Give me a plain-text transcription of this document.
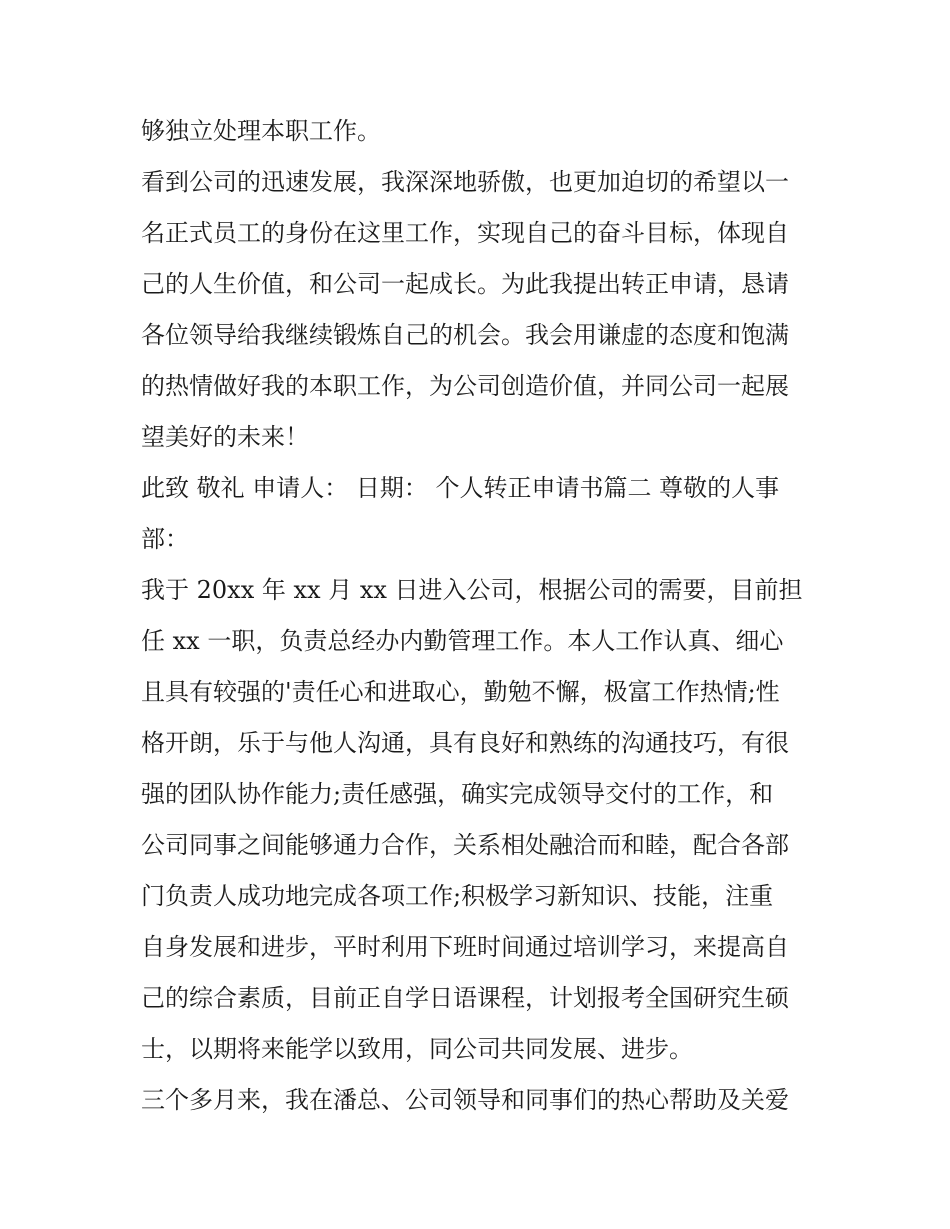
够独立处理本职工作。
看到公司的迅速发展，我深深地骄傲，也更加迫切的希望以一
名正式员工的身份在这里工作，实现自己的奋斗目标，体现自
己的人生价值，和公司一起成长。为此我提出转正申请，恳请
各位领导给我继续锻炼自己的机会。我会用谦虚的态度和饱满
的热情做好我的本职工作，为公司创造价值，并同公司一起展
望美好的未来！
此致 敬礼 申请人： 日期： 个人转正申请书篇二 尊敬的人事
部：
我于 20xx 年 xx 月 xx 日进入公司，根据公司的需要，目前担
任 xx 一职，负责总经办内勤管理工作。本人工作认真、细心
且具有较强的'责任心和进取心，勤勉不懈，极富工作热情;性
格开朗，乐于与他人沟通，具有良好和熟练的沟通技巧，有很
强的团队协作能力;责任感强，确实完成领导交付的工作，和
公司同事之间能够通力合作，关系相处融洽而和睦，配合各部
门负责人成功地完成各项工作;积极学习新知识、技能，注重
自身发展和进步，平时利用下班时间通过培训学习，来提高自
己的综合素质，目前正自学日语课程，计划报考全国研究生硕
士，以期将来能学以致用，同公司共同发展、进步。
三个多月来，我在潘总、公司领导和同事们的热心帮助及关爱
